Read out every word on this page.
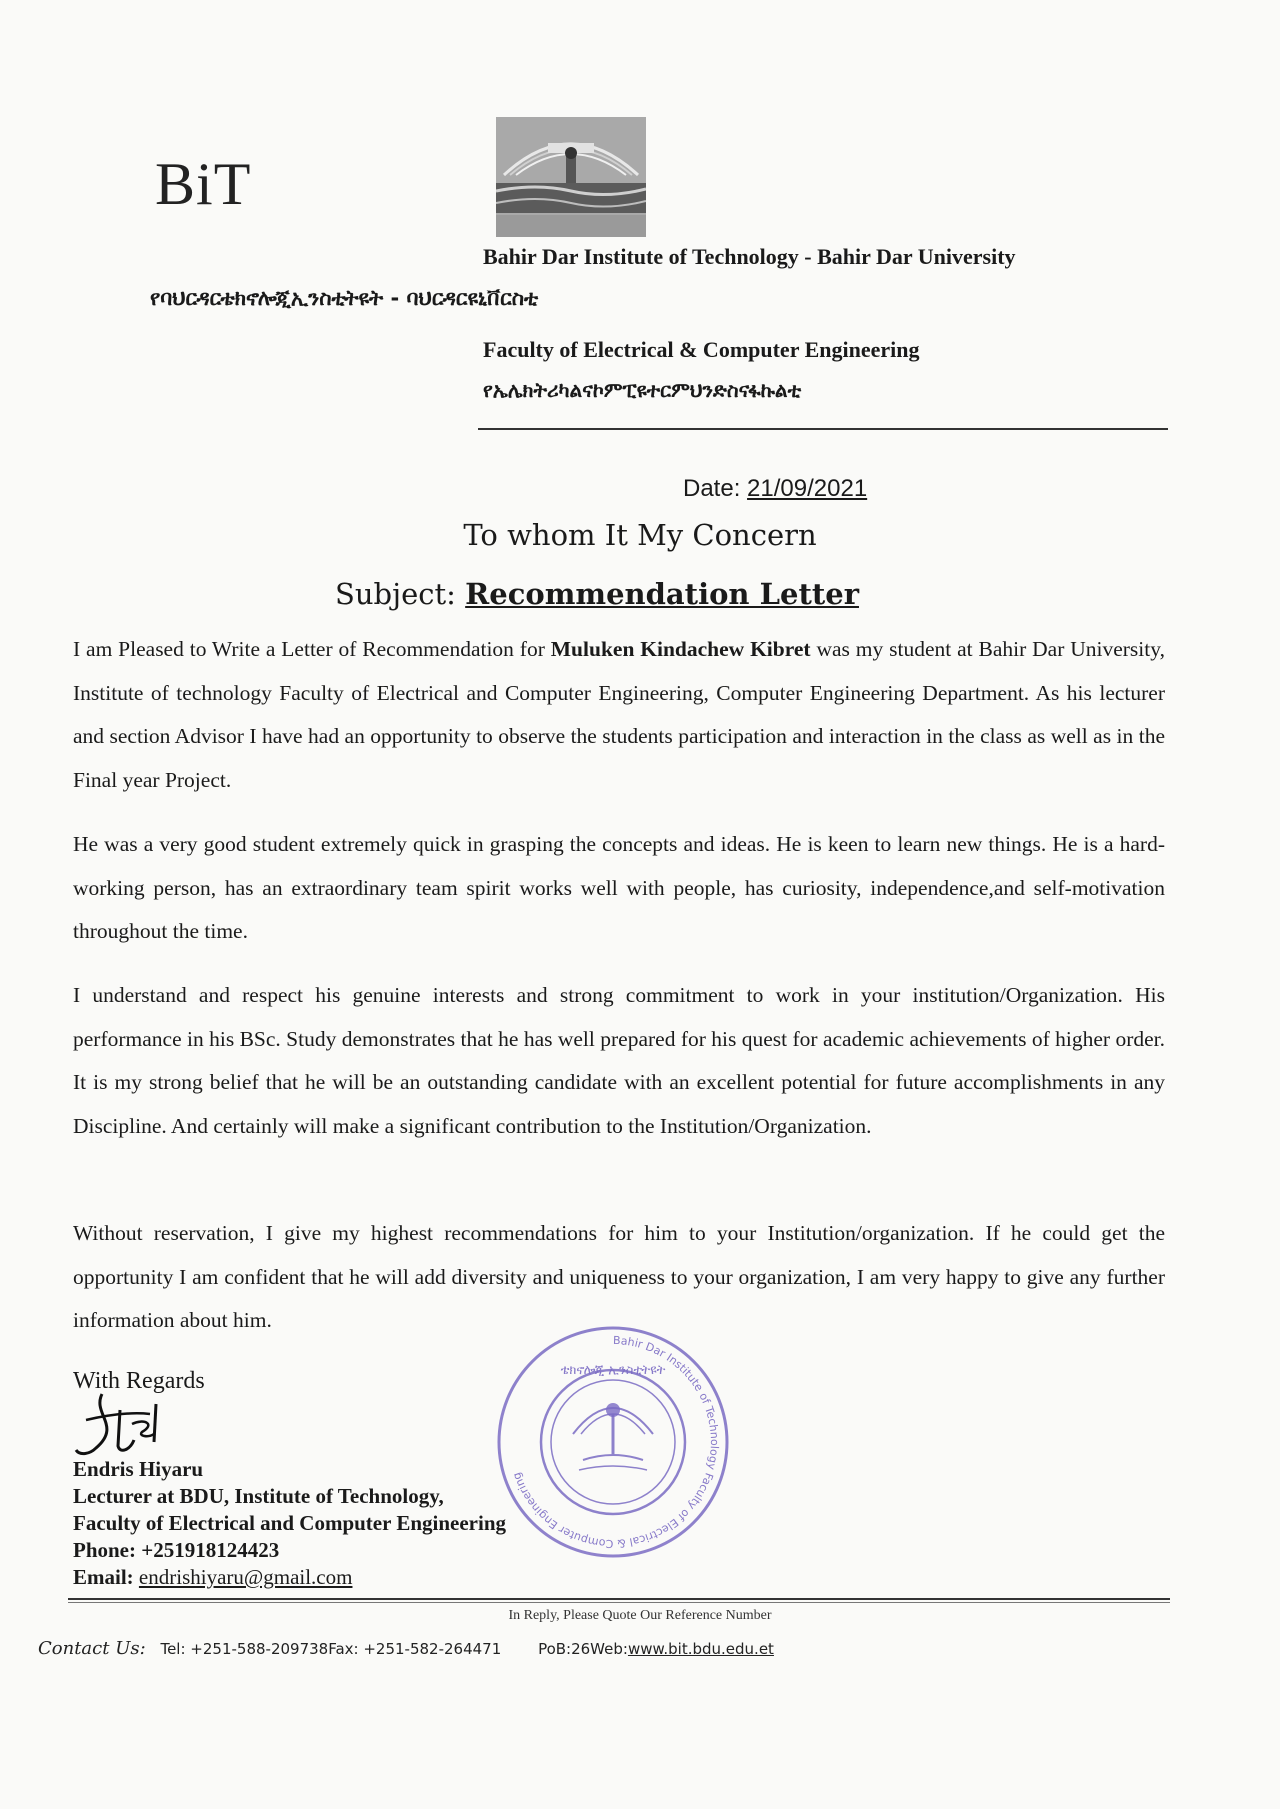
BiT
Bahir Dar Institute of Technology - Bahir Dar University
የባህርዳርቴክኖሎጂኢንስቲትዩት - ባህርዳርዩኒቨርስቲ
Faculty of Electrical & Computer Engineering
የኤሌክትሪካልናኮምፒዩተርምህንድስናፋኩልቲ
Date: 21/09/2021
To whom It My Concern
Subject: Recommendation Letter
I am Pleased to Write a Letter of Recommendation for Muluken Kindachew Kibret was my student at Bahir Dar University, Institute of technology Faculty of Electrical and Computer Engineering, Computer Engineering Department. As his lecturer and section Advisor I have had an opportunity to observe the students participation and interaction in the class as well as in the Final year Project.
He was a very good student extremely quick in grasping the concepts and ideas. He is keen to learn new things. He is a hard-working person, has an extraordinary team spirit works well with people, has curiosity, independence,and self-motivation throughout the time.
I understand and respect his genuine interests and strong commitment to work in your institution/Organization. His performance in his BSc. Study demonstrates that he has well prepared for his quest for academic achievements of higher order. It is my strong belief that he will be an outstanding candidate with an excellent potential for future accomplishments in any Discipline. And certainly will make a significant contribution to the Institution/Organization.
Without reservation, I give my highest recommendations for him to your Institution/organization. If he could get the opportunity I am confident that he will add diversity and uniqueness to your organization, I am very happy to give any further information about him.
With Regards
Endris Hiyaru
Lecturer at BDU, Institute of Technology,
Faculty of Electrical and Computer Engineering
Phone: +251918124423
Email: endrishiyaru@gmail.com
Bahir Dar Institute of Technology Faculty of Electrical & Computer Engineering
ቴክኖሎጂ ኢንስቲትዩት
In Reply, Please Quote Our Reference Number
Contact Us: Tel: +251-588-209738Fax: +251-582-264471 PoB:26Web:www.bit.bdu.edu.et
